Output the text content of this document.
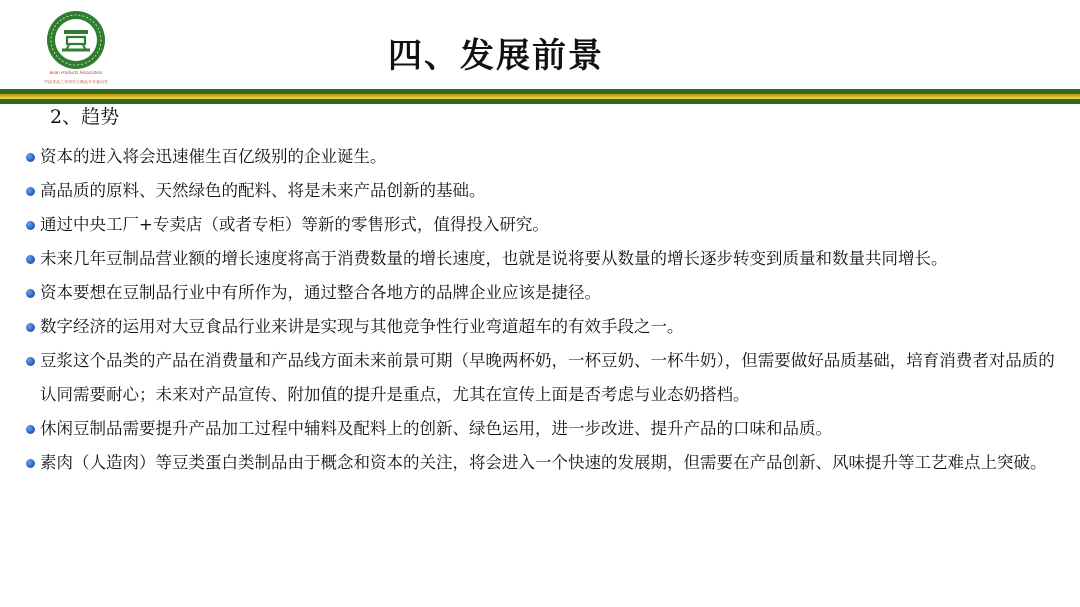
Bean Products Association
中国食品工业协会豆制品专业委员会
四、发展前景
2、趋势
资本的进入将会迅速催生百亿级别的企业诞生。
高品质的原料、天然绿色的配料、将是未来产品创新的基础。
通过中央工厂+专卖店（或者专柜）等新的零售形式，值得投入研究。
未来几年豆制品营业额的增长速度将高于消费数量的增长速度，也就是说将要从数量的增长逐步转变到质量和数量共同增长。
资本要想在豆制品行业中有所作为，通过整合各地方的品牌企业应该是捷径。
数字经济的运用对大豆食品行业来讲是实现与其他竞争性行业弯道超车的有效手段之一。
豆浆这个品类的产品在消费量和产品线方面未来前景可期（早晚两杯奶，一杯豆奶、一杯牛奶），但需要做好品质基础，培育消费者对品质的认同需要耐心；未来对产品宣传、附加值的提升是重点，尤其在宣传上面是否考虑与业态奶搭档。
休闲豆制品需要提升产品加工过程中辅料及配料上的创新、绿色运用，进一步改进、提升产品的口味和品质。
素肉（人造肉）等豆类蛋白类制品由于概念和资本的关注，将会进入一个快速的发展期，但需要在产品创新、风味提升等工艺难点上突破。
